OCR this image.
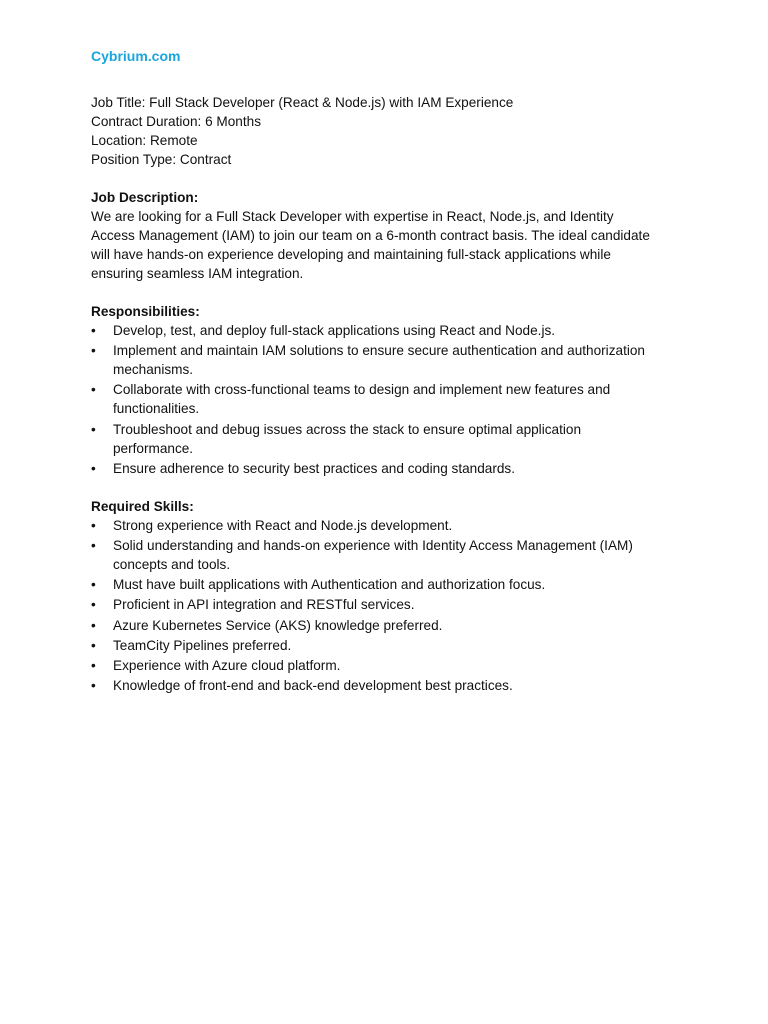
Cybrium.com

Job Title: Full Stack Developer (React & Node.js) with IAM Experience
Contract Duration: 6 Months
Location: Remote
Position Type: Contract
Job Description:

We are looking for a Full Stack Developer with expertise in React, Node.js, and Identity Access Management (IAM) to join our team on a 6-month contract basis. The ideal candidate will have hands-on experience developing and maintaining full-stack applications while ensuring seamless IAM integration.

Responsibilities:
•	Develop, test, and deploy full-stack applications using React and Node.js.
•	Implement and maintain IAM solutions to ensure secure authentication and authorization mechanisms.
•	Collaborate with cross-functional teams to design and implement new features and functionalities.
•	Troubleshoot and debug issues across the stack to ensure optimal application performance.
•	Ensure adherence to security best practices and coding standards.
Required Skills:
•	Strong experience with React and Node.js development.
•	Solid understanding and hands-on experience with Identity Access Management (IAM) concepts and tools.
•	Must have built applications with Authentication and authorization focus.
•	Proficient in API integration and RESTful services.
•	Azure Kubernetes Service (AKS) knowledge preferred.
•	TeamCity Pipelines preferred.
•	Experience with Azure cloud platform.
•	Knowledge of front-end and back-end development best practices.
